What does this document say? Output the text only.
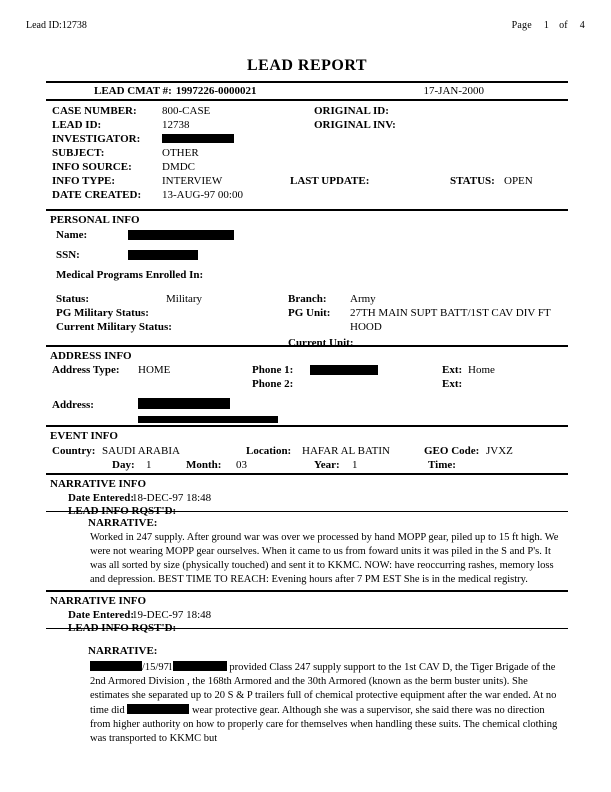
Lead ID:12738	Page 1 of 4
LEAD REPORT
LEAD CMAT #: 1997226-0000021	17-JAN-2000
CASE NUMBER: 800-CASE	ORIGINAL ID:
LEAD ID:	12738	ORIGINAL INV:
INVESTIGATOR:
SUBJECT:	OTHER
INFO SOURCE:	DMDC
INFO TYPE:	INTERVIEW	LAST UPDATE:	STATUS: OPEN
DATE CREATED: 13-AUG-97 00:00
PERSONAL INFO
Name:
SSN:
Medical Programs Enrolled In:
Status:	Military	Branch: Army
PG Military Status:	PG Unit: 27TH MAIN SUPT BATT/1ST CAV DIV FT
Current Military Status:	HOOD
Current Unit:
ADDRESS INFO
Address Type: HOME	Phone 1:	Ext: Home
Phone 2:	Ext:
Address:
EVENT INFO
Country: SAUDI ARABIA	Location: HAFAR AL BATIN	GEO Code: JVXZ
Day: 1	Month: 03	Year: 1	Time:
NARRATIVE INFO
Date Entered:
18-DEC-97 18:48
LEAD INFO RQST'D:
NARRATIVE:
Worked in 247 supply. After ground war was over we processed by hand MOPP gear, piled up to 15 ft high. We were not wearing MOPP gear ourselves. When it came to us from foward units it was piled in the S and P's. It was all sorted by size (physically touched) and sent it to KKMC. NOW: have reoccurring rashes, memory loss and depression. BEST TIME TO REACH: Evening hours after 7 PM EST She is in the medical registry.
NARRATIVE INFO
Date Entered:
19-DEC-97 18:48
LEAD INFO RQST'D:
NARRATIVE:
/15/97l	provided Class 247 supply support to the 1st CAV D, the Tiger Brigade of the 2nd Armored Division , the 168th Armored and the 30th Armored (known as the berm buster units). She estimates she separated up to 20 S & P trailers full of chemical protective equipment after the war ended. At no time did	wear protective gear. Although she was a supervisor, she said there was no direction from higher authority on how to properly care for themselves when handling these suits. The chemical clothing was transported to KKMC but
